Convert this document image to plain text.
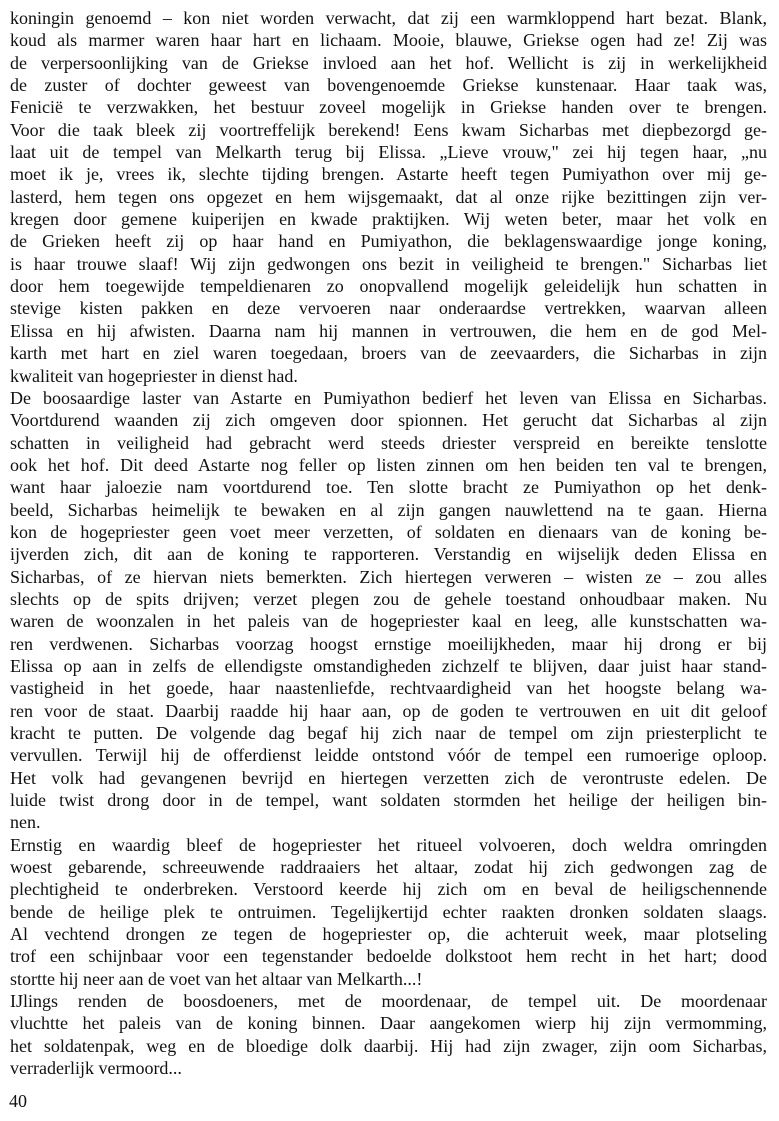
koningin genoemd – kon niet worden verwacht, dat zij een warmkloppend hart bezat. Blank,
koud als marmer waren haar hart en lichaam. Mooie, blauwe, Griekse ogen had ze! Zij was
de verpersoonlijking van de Griekse invloed aan het hof. Wellicht is zij in werkelijkheid
de zuster of dochter geweest van bovengenoemde Griekse kunstenaar. Haar taak was,
Fenicië te verzwakken, het bestuur zoveel mogelijk in Griekse handen over te brengen.
Voor die taak bleek zij voortreffelijk berekend! Eens kwam Sicharbas met diepbezorgd ge-
laat uit de tempel van Melkarth terug bij Elissa. „Lieve vrouw," zei hij tegen haar, „nu
moet ik je, vrees ik, slechte tijding brengen. Astarte heeft tegen Pumiyathon over mij ge-
lasterd, hem tegen ons opgezet en hem wijsgemaakt, dat al onze rijke bezittingen zijn ver-
kregen door gemene kuiperijen en kwade praktijken. Wij weten beter, maar het volk en
de Grieken heeft zij op haar hand en Pumiyathon, die beklagenswaardige jonge koning,
is haar trouwe slaaf! Wij zijn gedwongen ons bezit in veiligheid te brengen." Sicharbas liet
door hem toegewijde tempeldienaren zo onopvallend mogelijk geleidelijk hun schatten in
stevige kisten pakken en deze vervoeren naar onderaardse vertrekken, waarvan alleen
Elissa en hij afwisten. Daarna nam hij mannen in vertrouwen, die hem en de god Mel-
karth met hart en ziel waren toegedaan, broers van de zeevaarders, die Sicharbas in zijn
kwaliteit van hogepriester in dienst had.

De boosaardige laster van Astarte en Pumiyathon bedierf het leven van Elissa en Sicharbas.
Voortdurend waanden zij zich omgeven door spionnen. Het gerucht dat Sicharbas al zijn
schatten in veiligheid had gebracht werd steeds driester verspreid en bereikte tenslotte
ook het hof. Dit deed Astarte nog feller op listen zinnen om hen beiden ten val te brengen,
want haar jaloezie nam voortdurend toe. Ten slotte bracht ze Pumiyathon op het denk-
beeld, Sicharbas heimelijk te bewaken en al zijn gangen nauwlettend na te gaan. Hierna
kon de hogepriester geen voet meer verzetten, of soldaten en dienaars van de koning be-
ijverden zich, dit aan de koning te rapporteren. Verstandig en wijselijk deden Elissa en
Sicharbas, of ze hiervan niets bemerkten. Zich hiertegen verweren – wisten ze – zou alles
slechts op de spits drijven; verzet plegen zou de gehele toestand onhoudbaar maken. Nu
waren de woonzalen in het paleis van de hogepriester kaal en leeg, alle kunstschatten wa-
ren verdwenen. Sicharbas voorzag hoogst ernstige moeilijkheden, maar hij drong er bij
Elissa op aan in zelfs de ellendigste omstandigheden zichzelf te blijven, daar juist haar stand-
vastigheid in het goede, haar naastenliefde, rechtvaardigheid van het hoogste belang wa-
ren voor de staat. Daarbij raadde hij haar aan, op de goden te vertrouwen en uit dit geloof
kracht te putten. De volgende dag begaf hij zich naar de tempel om zijn priesterplicht te
vervullen. Terwijl hij de offerdienst leidde ontstond vóór de tempel een rumoerige oploop.
Het volk had gevangenen bevrijd en hiertegen verzetten zich de verontruste edelen. De
luide twist drong door in de tempel, want soldaten stormden het heilige der heiligen bin-
nen.

Ernstig en waardig bleef de hogepriester het ritueel volvoeren, doch weldra omringden
woest gebarende, schreeuwende raddraaiers het altaar, zodat hij zich gedwongen zag de
plechtigheid te onderbreken. Verstoord keerde hij zich om en beval de heiligschennende
bende de heilige plek te ontruimen. Tegelijkertijd echter raakten dronken soldaten slaags.
Al vechtend drongen ze tegen de hogepriester op, die achteruit week, maar plotseling
trof een schijnbaar voor een tegenstander bedoelde dolkstoot hem recht in het hart; dood
stortte hij neer aan de voet van het altaar van Melkarth...!

IJlings renden de boosdoeners, met de moordenaar, de tempel uit. De moordenaar
vluchtte het paleis van de koning binnen. Daar aangekomen wierp hij zijn vermomming,
het soldatenpak, weg en de bloedige dolk daarbij. Hij had zijn zwager, zijn oom Sicharbas,
verraderlijk vermoord...

40
